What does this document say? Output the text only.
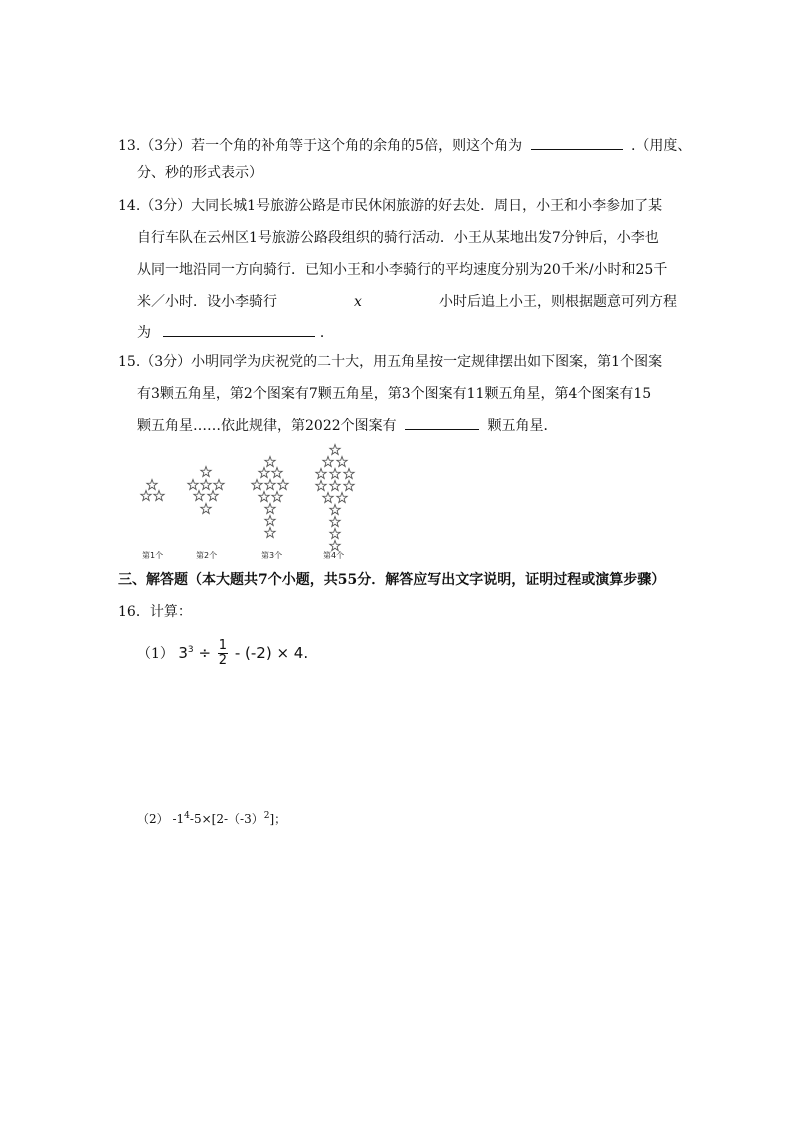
13.（3分）若一个角的补角等于这个角的余角的5倍，则这个角为	.（用度、
分、秒的形式表示）
14.（3分）大同长城1号旅游公路是市民休闲旅游的好去处．周日，小王和小李参加了某
自行车队在云州区1号旅游公路段组织的骑行活动．小王从某地出发7分钟后，小李也
从同一地沿同一方向骑行．已知小王和小李骑行的平均速度分别为20千米/小时和25千
米／小时．设小李骑行	x	小时后追上小王，则根据题意可列方程
为	．
15.（3分）小明同学为庆祝党的二十大，用五角星按一定规律摆出如下图案，第1个图案
有3颗五角星，第2个图案有7颗五角星，第3个图案有11颗五角星，第4个图案有15
颗五角星……依此规律，第2022个图案有	颗五角星．
第1个	第2个	第3个	第4个
三、解答题（本大题共7个小题，共55分．解答应写出文字说明，证明过程或演算步骤）
16．计算：
（1） $3^3 \div \frac{1}{2} - (-2) \times 4$.
（2） $-1^4-5\times[2-(-3)^2]$；
